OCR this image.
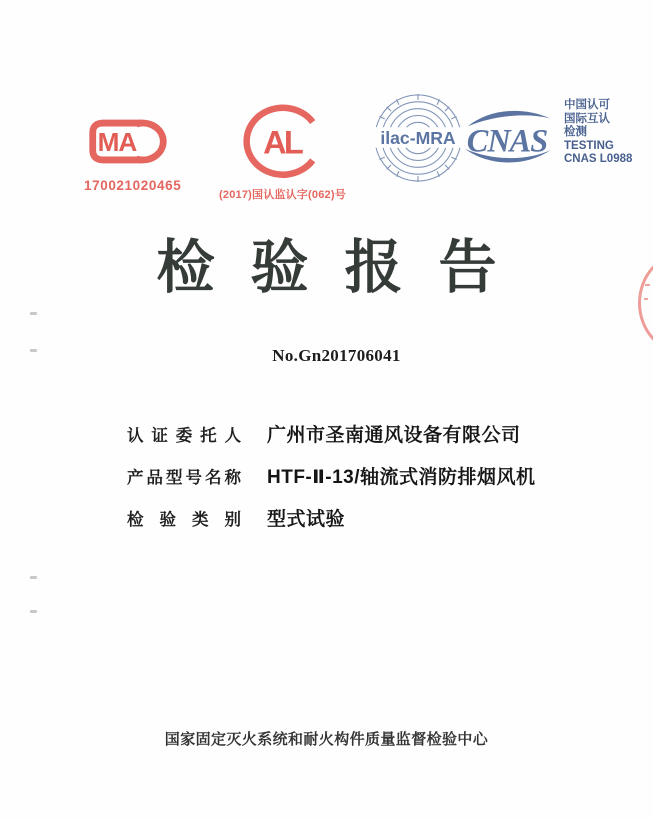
MA
170021020465
AL
(2017)国认监认字(062)号
ilac-MRA CNAS
中国认可
国际互认
检测
TESTING
CNAS L0988
检验报告
No.Gn201706041
认证委托人 广州市圣南通风设备有限公司
产品型号名称 HTF-Ⅱ-13/轴流式消防排烟风机
检验类别 型式试验
国家固定灭火系统和耐火构件质量监督检验中心
